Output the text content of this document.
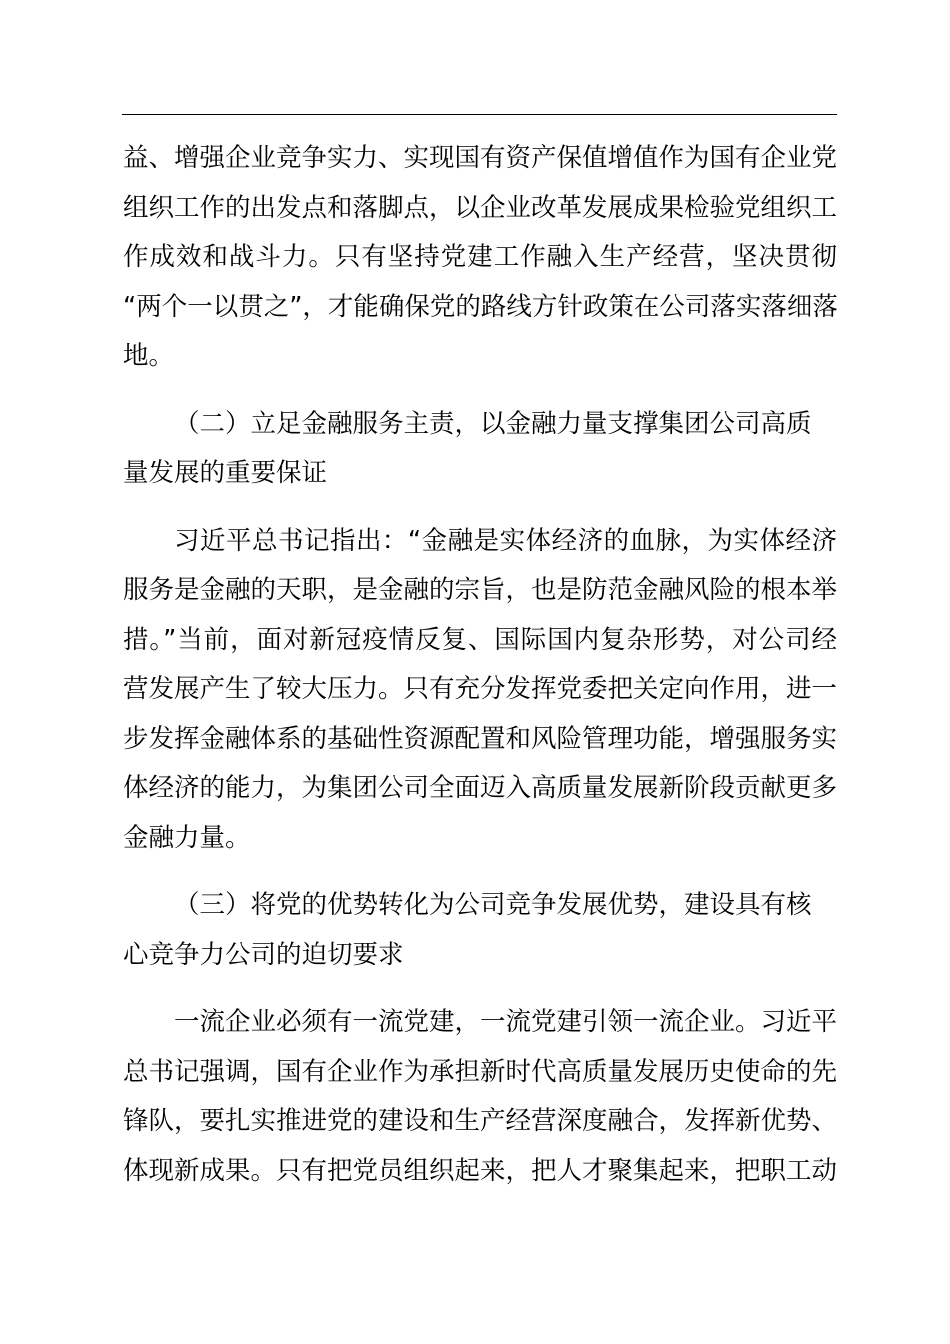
益、增强企业竞争实力、实现国有资产保值增值作为国有企业党
组织工作的出发点和落脚点，以企业改革发展成果检验党组织工
作成效和战斗力。只有坚持党建工作融入生产经营，坚决贯彻
“两个一以贯之”，才能确保党的路线方针政策在公司落实落细落
地。
（二）立足金融服务主责，以金融力量支撑集团公司高质
量发展的重要保证
习近平总书记指出：“金融是实体经济的血脉，为实体经济
服务是金融的天职，是金融的宗旨，也是防范金融风险的根本举
措。”当前，面对新冠疫情反复、国际国内复杂形势，对公司经
营发展产生了较大压力。只有充分发挥党委把关定向作用，进一
步发挥金融体系的基础性资源配置和风险管理功能，增强服务实
体经济的能力，为集团公司全面迈入高质量发展新阶段贡献更多
金融力量。
（三）将党的优势转化为公司竞争发展优势，建设具有核
心竞争力公司的迫切要求
一流企业必须有一流党建，一流党建引领一流企业。习近平
总书记强调，国有企业作为承担新时代高质量发展历史使命的先
锋队，要扎实推进党的建设和生产经营深度融合，发挥新优势、
体现新成果。只有把党员组织起来，把人才聚集起来，把职工动
